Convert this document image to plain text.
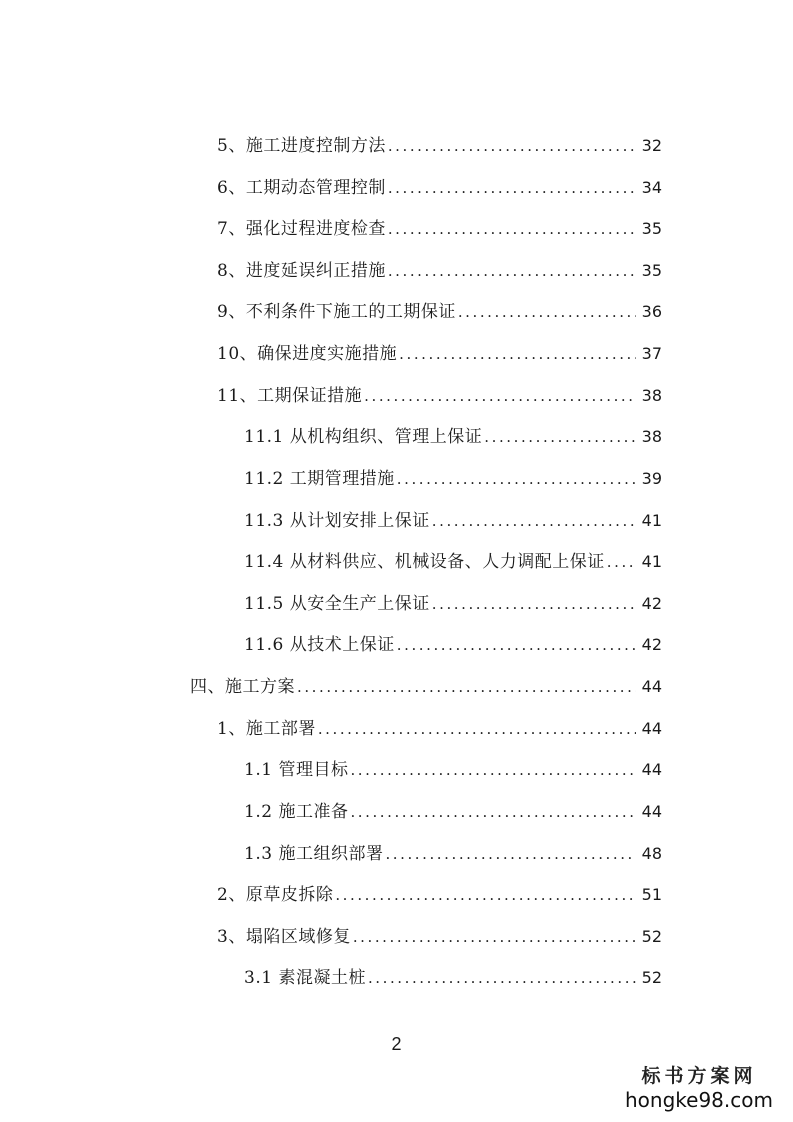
5、施工进度控制方法 . . .	32
6、工期动态管理控制 . . .	34
7、强化过程进度检查 . . .	35
8、进度延误纠正措施 . . .	35
9、不利条件下施工的工期保证 . . .	36
10、确保进度实施措施 . . .	37
11、工期保证措施 . . .	38
11.1 从机构组织、管理上保证 . . .	38
11.2 工期管理措施 . . .	39
11.3 从计划安排上保证 . . .	41
11.4 从材料供应、机械设备、人力调配上保证 . . .	41
11.5 从安全生产上保证 . . .	42
11.6 从技术上保证 . . .	42
四、施工方案 . . .	44
1、施工部署 . . .	44
1.1 管理目标 . . .	44
1.2 施工准备 . . .	44
1.3 施工组织部署 . . .	48
2、原草皮拆除 . . .	51
3、塌陷区域修复 . . .	52
3.1 素混凝土桩 . . .	52
2
标书方案网
hongke98.com
